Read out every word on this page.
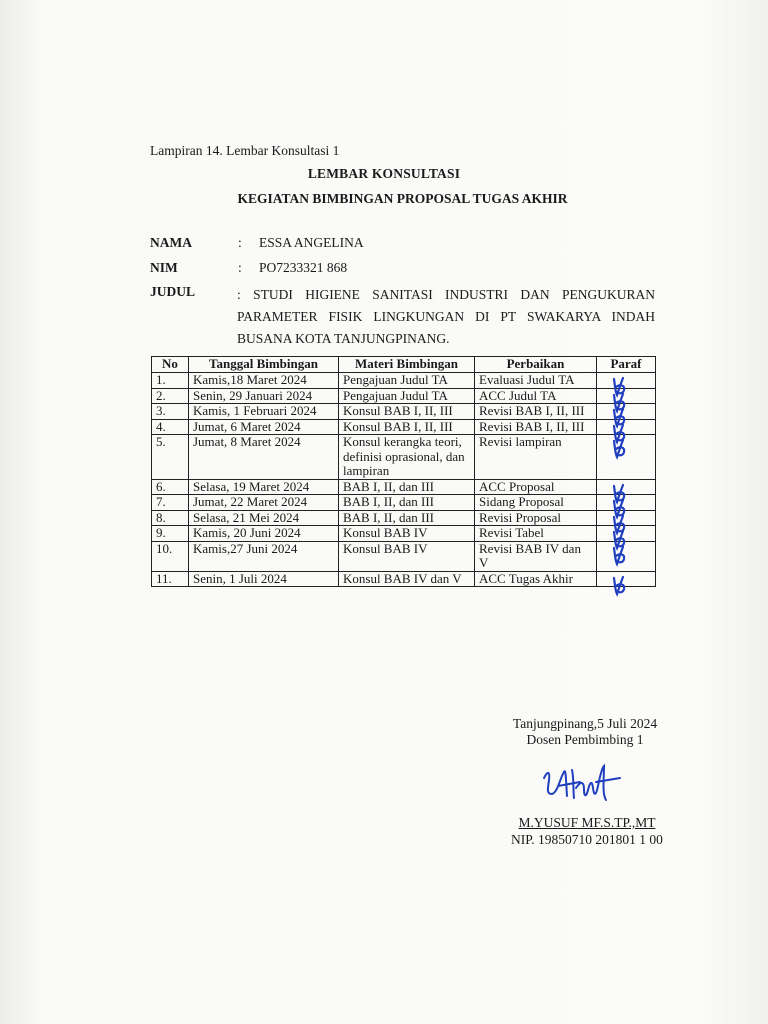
Lampiran 14. Lembar Konsultasi 1
LEMBAR KONSULTASI
KEGIATAN BIMBINGAN PROPOSAL TUGAS AKHIR
NAMA	: ESSA ANGELINA
NIM	: PO7233321 868
JUDUL	: STUDI HIGIENE SANITASI INDUSTRI DAN PENGUKURAN
PARAMETER FISIK LINGKUNGAN DI PT SWAKARYA INDAH
BUSANA KOTA TANJUNGPINANG.
No	Tanggal Bimbingan	Materi Bimbingan	Perbaikan	Paraf
1.	Kamis,18 Maret 2024	Pengajuan Judul TA	Evaluasi Judul TA	

2.	Senin, 29 Januari 2024	Pengajuan Judul TA	ACC Judul TA	

3.	Kamis, 1 Februari 2024	Konsul BAB I, II, III	Revisi BAB I, II, III	

4.	Jumat, 6 Maret 2024	Konsul BAB I, II, III	Revisi BAB I, II, III	

5.	Jumat, 8 Maret 2024	Konsul kerangka teori, definisi oprasional, dan lampiran	Revisi lampiran	

6.	Selasa, 19 Maret 2024	BAB I, II, dan III	ACC Proposal	

7.	Jumat, 22 Maret 2024	BAB I, II, dan III	Sidang Proposal	

8.	Selasa, 21 Mei 2024	BAB I, II, dan III	Revisi Proposal	

9.	Kamis, 20 Juni 2024	Konsul BAB IV	Revisi Tabel	

10.	Kamis,27 Juni 2024	Konsul BAB IV	Revisi BAB IV dan V	

11.	Senin, 1 Juli 2024	Konsul BAB IV dan V	ACC Tugas Akhir	
Tanjungpinang,5 Juli 2024
Dosen Pembimbing 1
M.YUSUF MF.S.TP.,MT
NIP. 19850710 201801 1 00
